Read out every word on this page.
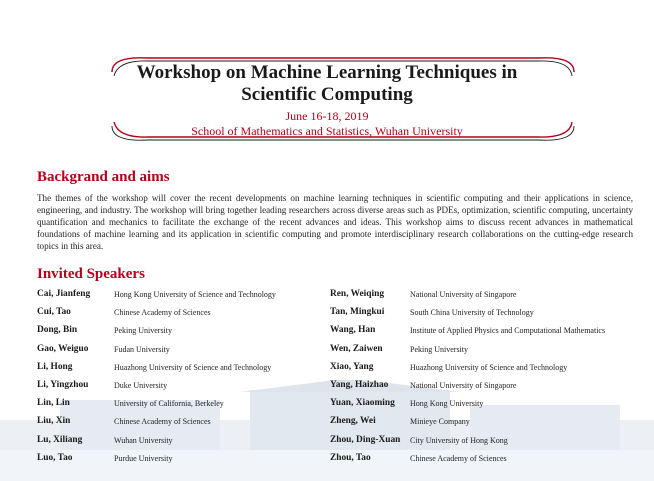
Workshop on Machine Learning Techniques in
Scientific Computing
June 16-18, 2019
School of Mathematics and Statistics, Wuhan University
Backgrand and aims
The themes of the workshop will cover the recent developments on machine learning techniques in scientific computing and their applications in science, engineering, and industry. The workshop will bring together leading researchers across diverse areas such as PDEs, optimization, scientific computing, uncertainty quantification and mechanics to facilitate the exchange of the recent advances and ideas. This workshop aims to discuss recent advances in mathematical foundations of machine learning and its application in scientific computing and promote interdisciplinary research collaborations on the cutting-edge research topics in this area.
Invited Speakers
Cai, Jianfeng	Hong Kong University of Science and Technology
Cui, Tao	Chinese Academy of Sciences
Dong, Bin	Peking University
Gao, Weiguo	Fudan University
Li, Hong	Huazhong University of Science and Technology
Li, Yingzhou	Duke University
Lin, Lin	University of California, Berkeley
Liu, Xin	Chinese Academy of Sciences
Lu, Xiliang	Wuhan University
Luo, Tao	Purdue University
Ren, Weiqing	National University of Singapore
Tan, Mingkui	South China University of Technology
Wang, Han	Institute of Applied Physics and Computational Mathematics
Wen, Zaiwen	Peking University
Xiao, Yang	Huazhong University of Science and Technology
Yang, Haizhao	National University of Singapore
Yuan, Xiaoming Hong Kong University
Zheng, Wei	Minieye Company
Zhou, Ding-Xuan City University of Hong Kong
Zhou, Tao	Chinese Academy of Sciences
